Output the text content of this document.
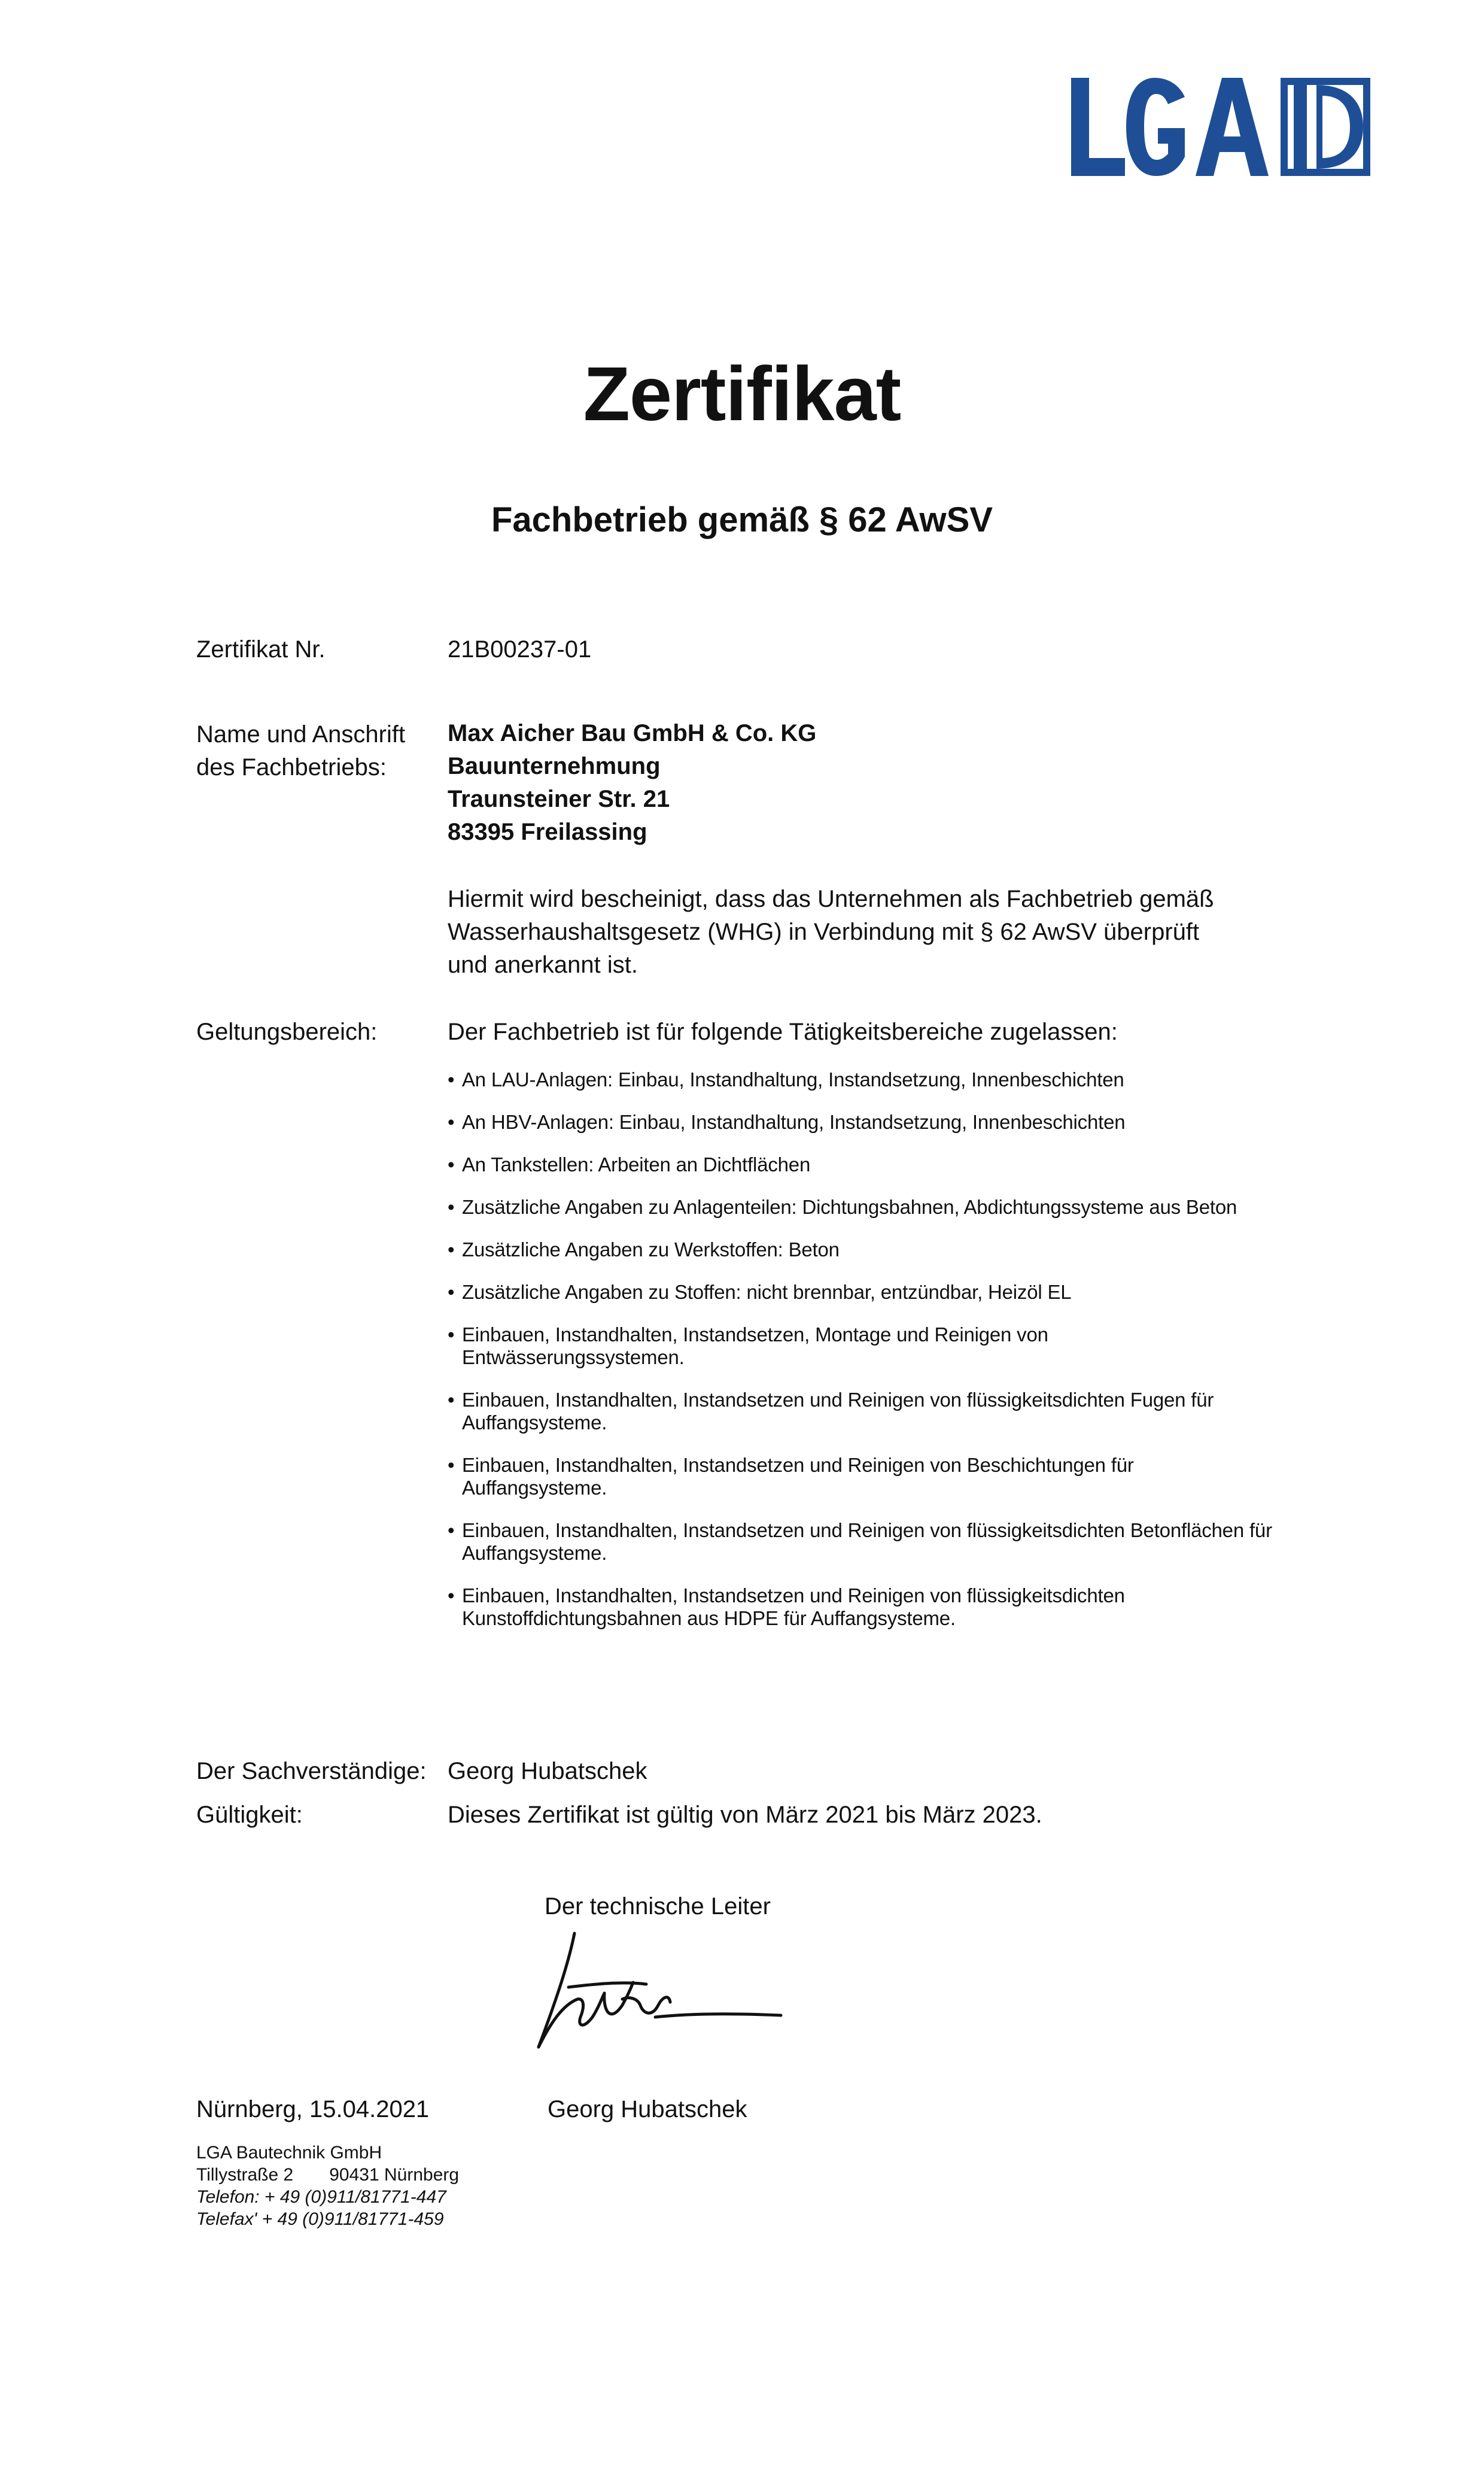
Zertifikat
Fachbetrieb gemäß § 62 AwSV
Zertifikat Nr.	21B00237-01
Name und Anschrift
des Fachbetriebs:
Max Aicher Bau GmbH & Co. KG
Bauunternehmung
Traunsteiner Str. 21
83395 Freilassing
Hiermit wird bescheinigt, dass das Unternehmen als Fachbetrieb gemäß
Wasserhaushaltsgesetz (WHG) in Verbindung mit § 62 AwSV überprüft
und anerkannt ist.
Geltungsbereich:	Der Fachbetrieb ist für folgende Tätigkeitsbereiche zugelassen:
• An LAU-Anlagen: Einbau, Instandhaltung, Instandsetzung, Innenbeschichten
• An HBV-Anlagen: Einbau, Instandhaltung, Instandsetzung, Innenbeschichten
• An Tankstellen: Arbeiten an Dichtflächen
• Zusätzliche Angaben zu Anlagenteilen: Dichtungsbahnen, Abdichtungssysteme aus Beton
• Zusätzliche Angaben zu Werkstoffen: Beton
• Zusätzliche Angaben zu Stoffen: nicht brennbar, entzündbar, Heizöl EL
• Einbauen, Instandhalten, Instandsetzen, Montage und Reinigen von Entwässerungssystemen.
• Einbauen, Instandhalten, Instandsetzen und Reinigen von flüssigkeitsdichten Fugen für Auffangsysteme.
• Einbauen, Instandhalten, Instandsetzen und Reinigen von Beschichtungen für Auffangsysteme.
• Einbauen, Instandhalten, Instandsetzen und Reinigen von flüssigkeitsdichten Betonflächen für Auffangsysteme.
• Einbauen, Instandhalten, Instandsetzen und Reinigen von flüssigkeitsdichten Kunstoffdichtungsbahnen aus HDPE für Auffangsysteme.
Der Sachverständige: Georg Hubatschek
Gültigkeit:	Dieses Zertifikat ist gültig von März 2021 bis März 2023.
Der technische Leiter
Nürnberg, 15.04.2021	Georg Hubatschek
LGA Bautechnik GmbH
Tillystraße 2 90431 Nürnberg
Telefon: + 49 (0)911/81771-447
Telefax' + 49 (0)911/81771-459
